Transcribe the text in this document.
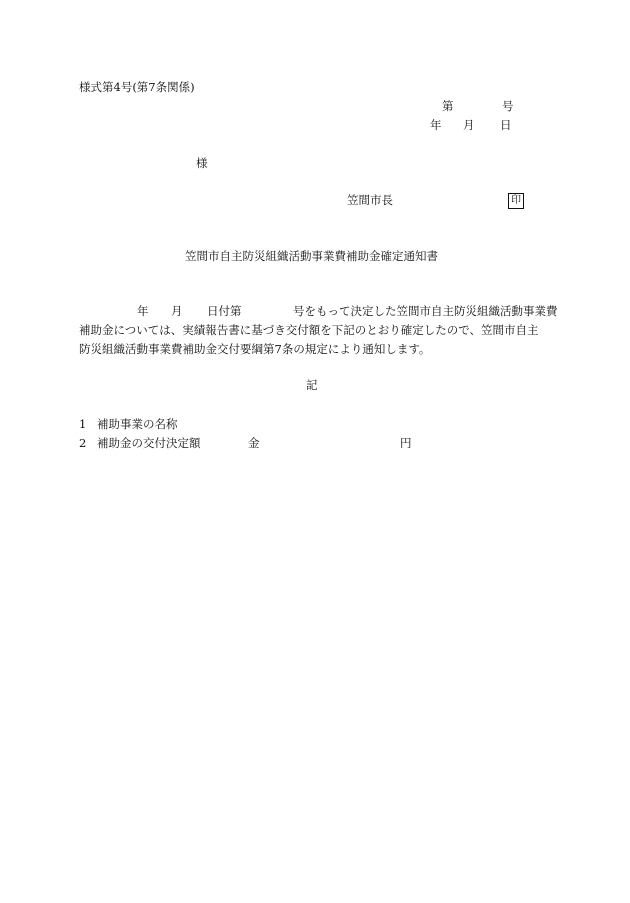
様式第4号(第7条関係)
第	号
年 月 日
様
笠間市長	印
笠間市自主防災組織活動事業費補助金確定通知書
年 月 日付第	号をもって決定した笠間市自主防災組織活動事業費
補助金については、実績報告書に基づき交付額を下記のとおり確定したので、笠間市自主
防災組織活動事業費補助金交付要綱第7条の規定により通知します。
記
1 補助事業の名称
2 補助金の交付決定額	金	円
